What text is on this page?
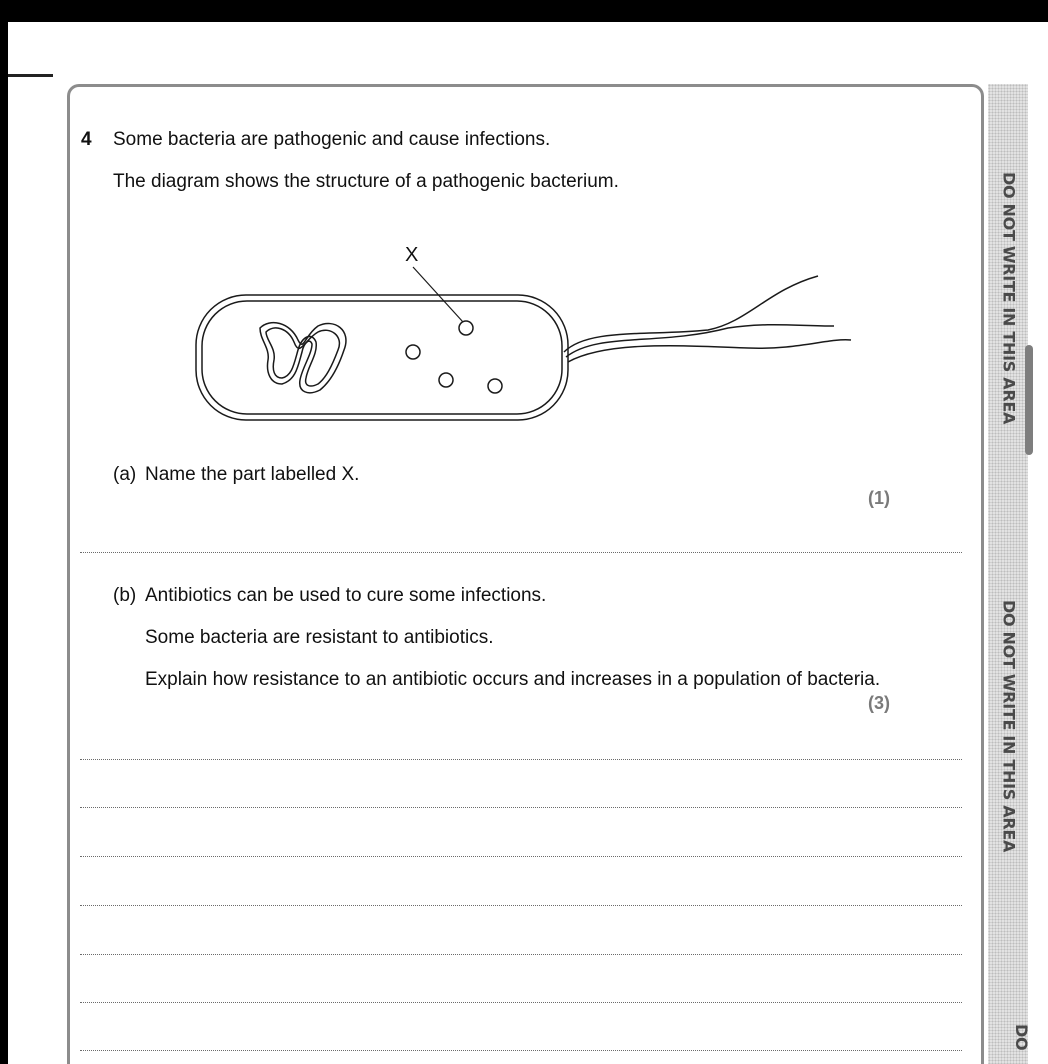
DO NOT WRITE IN THIS AREA
DO NOT WRITE IN THIS AREA
DO
4 Some bacteria are pathogenic and cause infections.
The diagram shows the structure of a pathogenic bacterium.
X
(a) Name the part labelled X.
(1)
(b) Antibiotics can be used to cure some infections.
Some bacteria are resistant to antibiotics.
Explain how resistance to an antibiotic occurs and increases in a population of bacteria.
(3)
